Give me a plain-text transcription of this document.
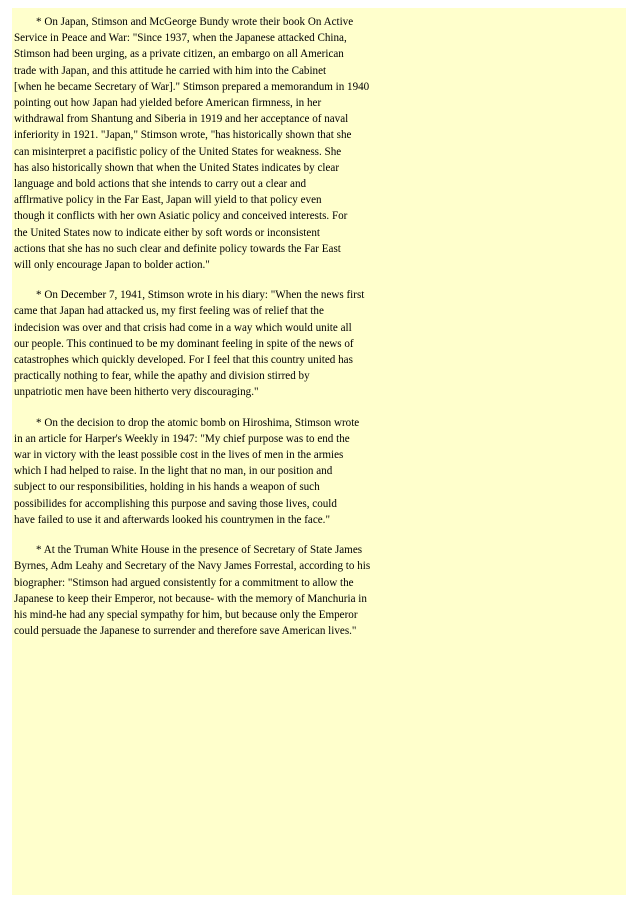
* On Japan, Stimson and McGeorge Bundy wrote their book On Active
Service in Peace and War: "Since 1937, when the Japanese attacked China,
Stimson had been urging, as a private citizen, an embargo on all American
trade with Japan, and this attitude he carried with him into the Cabinet
[when he became Secretary of War]." Stimson prepared a memorandum in 1940
pointing out how Japan had yielded before American firmness, in her
withdrawal from Shantung and Siberia in 1919 and her acceptance of naval
inferiority in 1921. "Japan," Stimson wrote, "has historically shown that she
can misinterpret a pacifistic policy of the United States for weakness. She
has also historically shown that when the United States indicates by clear
language and bold actions that she intends to carry out a clear and
afflrmative policy in the Far East, Japan will yield to that policy even
though it conflicts with her own Asiatic policy and conceived interests. For
the United States now to indicate either by soft words or inconsistent
actions that she has no such clear and definite policy towards the Far East
will only encourage Japan to bolder action."

* On December 7, 1941, Stimson wrote in his diary: "When the news first
came that Japan had attacked us, my first feeling was of relief that the
indecision was over and that crisis had come in a way which would unite all
our people. This continued to be my dominant feeling in spite of the news of
catastrophes which quickly developed. For I feel that this country united has
practically nothing to fear, while the apathy and division stirred by
unpatriotic men have been hitherto very discouraging."

* On the decision to drop the atomic bomb on Hiroshima, Stimson wrote
in an article for Harper's Weekly in 1947: "My chief purpose was to end the
war in victory with the least possible cost in the lives of men in the armies
which I had helped to raise. In the light that no man, in our position and
subject to our responsibilities, holding in his hands a weapon of such
possibilides for accomplishing this purpose and saving those lives, could
have failed to use it and afterwards looked his countrymen in the face."

* At the Truman White House in the presence of Secretary of State James
Byrnes, Adm Leahy and Secretary of the Navy James Forrestal, according to his
biographer: "Stimson had argued consistently for a commitment to allow the
Japanese to keep their Emperor, not because- with the memory of Manchuria in
his mind-he had any special sympathy for him, but because only the Emperor
could persuade the Japanese to surrender and therefore save American lives."
